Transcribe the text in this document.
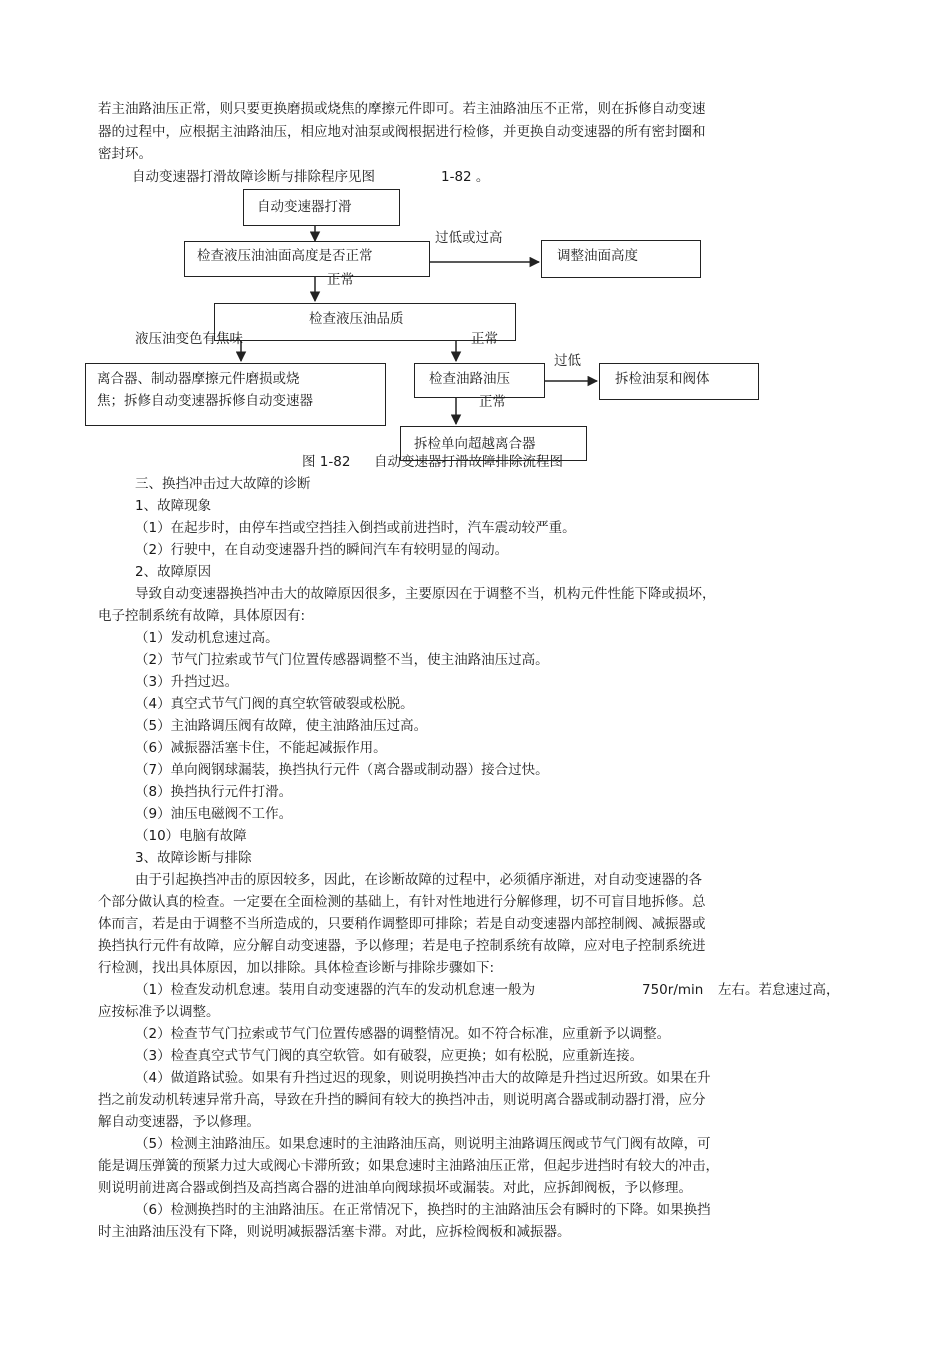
若主油路油压正常，则只要更换磨损或烧焦的摩擦元件即可。若主油路油压不正常，则在拆修自动变速
器的过程中，应根据主油路油压，相应地对油泵或阀根据进行检修，并更换自动变速器的所有密封圈和
密封环。
自动变速器打滑故障诊断与排除程序见图	1-82 。
自动变速器打滑
检查液压油油面高度是否正常	调整油面高度
检查液压油品质
离合器、制动器摩擦元件磨损或烧
焦；拆修自动变速器拆修自动变速器
检查油路油压	拆检油泵和阀体
拆检单向超越离合器
过低或过高
正常
液压油变色有焦味	正常
过低
正常
图 1-82 自动变速器打滑故障排除流程图
三、换挡冲击过大故障的诊断
1、故障现象
（1）在起步时，由停车挡或空挡挂入倒挡或前进挡时，汽车震动较严重。
（2）行驶中，在自动变速器升挡的瞬间汽车有较明显的闯动。
2、故障原因
导致自动变速器换挡冲击大的故障原因很多，主要原因在于调整不当，机构元件性能下降或损坏，
电子控制系统有故障，具体原因有:
（1）发动机怠速过高。
（2）节气门拉索或节气门位置传感器调整不当，使主油路油压过高。
（3）升挡过迟。
（4）真空式节气门阀的真空软管破裂或松脱。
（5）主油路调压阀有故障，使主油路油压过高。
（6）减振器活塞卡住，不能起减振作用。
（7）单向阀钢球漏装，换挡执行元件（离合器或制动器）接合过快。
（8）换挡执行元件打滑。
（9）油压电磁阀不工作。
（10）电脑有故障
3、故障诊断与排除
由于引起换挡冲击的原因较多，因此，在诊断故障的过程中，必须循序渐进，对自动变速器的各
个部分做认真的检查。一定要在全面检测的基础上，有针对性地进行分解修理，切不可盲目地拆修。总
体而言，若是由于调整不当所造成的，只要稍作调整即可排除；若是自动变速器内部控制阀、减振器或
换挡执行元件有故障，应分解自动变速器，予以修理；若是电子控制系统有故障，应对电子控制系统进
行检测，找出具体原因，加以排除。具体检查诊断与排除步骤如下:
（1）检查发动机怠速。装用自动变速器的汽车的发动机怠速一般为	750r/min 左右。若怠速过高，
应按标准予以调整。
（2）检查节气门拉索或节气门位置传感器的调整情况。如不符合标准，应重新予以调整。
（3）检查真空式节气门阀的真空软管。如有破裂，应更换；如有松脱，应重新连接。
（4）做道路试验。如果有升挡过迟的现象，则说明换挡冲击大的故障是升挡过迟所致。如果在升
挡之前发动机转速异常升高，导致在升挡的瞬间有较大的换挡冲击，则说明离合器或制动器打滑，应分
解自动变速器，予以修理。
（5）检测主油路油压。如果怠速时的主油路油压高，则说明主油路调压阀或节气门阀有故障，可
能是调压弹簧的预紧力过大或阀心卡滞所致；如果怠速时主油路油压正常，但起步进挡时有较大的冲击，
则说明前进离合器或倒挡及高挡离合器的进油单向阀球损坏或漏装。对此，应拆卸阀板，予以修理。
（6）检测换挡时的主油路油压。在正常情况下，换挡时的主油路油压会有瞬时的下降。如果换挡
时主油路油压没有下降，则说明减振器活塞卡滞。对此，应拆检阀板和减振器。
